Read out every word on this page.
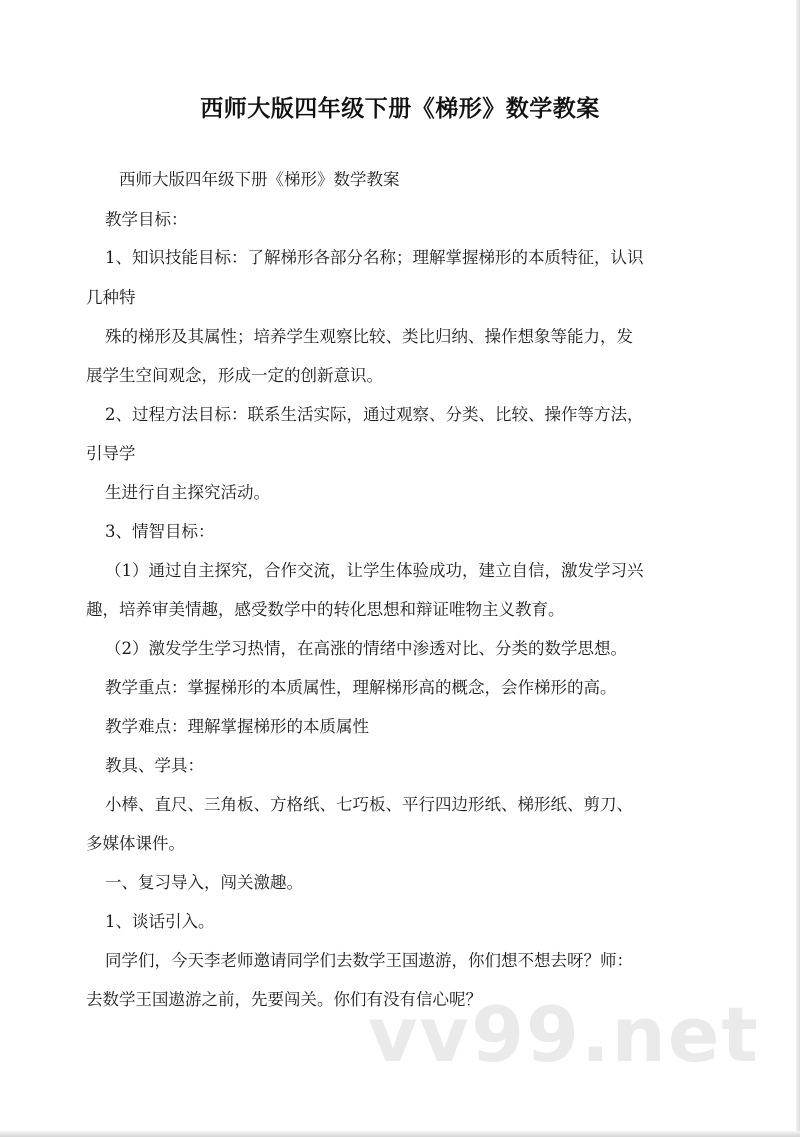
西师大版四年级下册《梯形》数学教案
西师大版四年级下册《梯形》数学教案
教学目标：
1、知识技能目标：了解梯形各部分名称；理解掌握梯形的本质特征，认识
几种特
殊的梯形及其属性；培养学生观察比较、类比归纳、操作想象等能力，发
展学生空间观念，形成一定的创新意识。
2、过程方法目标：联系生活实际，通过观察、分类、比较、操作等方法，
引导学
生进行自主探究活动。
3、情智目标：
（1）通过自主探究，合作交流，让学生体验成功，建立自信，激发学习兴
趣，培养审美情趣，感受数学中的转化思想和辩证唯物主义教育。
（2）激发学生学习热情，在高涨的情绪中渗透对比、分类的数学思想。
教学重点：掌握梯形的本质属性，理解梯形高的概念，会作梯形的高。
教学难点：理解掌握梯形的本质属性
教具、学具：
小棒、直尺、三角板、方格纸、七巧板、平行四边形纸、梯形纸、剪刀、
多媒体课件。
一、复习导入，闯关激趣。
1、谈话引入。
同学们，今天李老师邀请同学们去数学王国遨游，你们想不想去呀？师：
去数学王国遨游之前，先要闯关。你们有没有信心呢？
vv99.net
